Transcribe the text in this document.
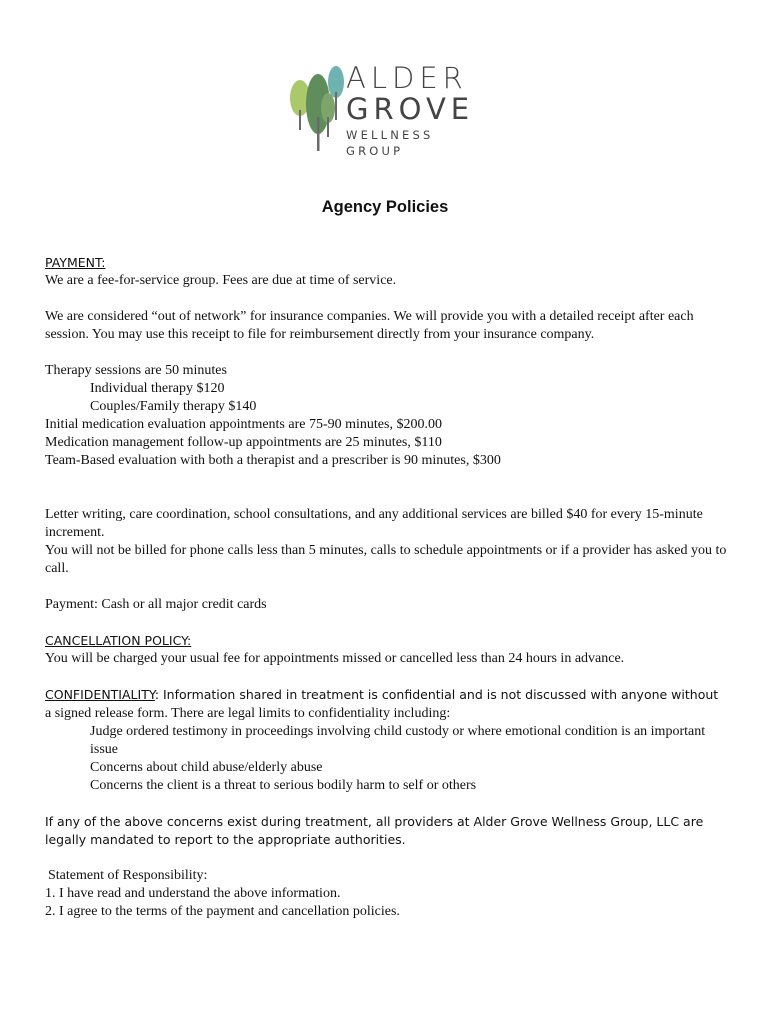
ALDER
GROVE
WELLNESS GROUP
Agency Policies

PAYMENT:

We are a fee-for-service group. Fees are due at time of service.

We are considered “out of network” for insurance companies. We will provide you with a detailed receipt after each session. You may use this receipt to file for reimbursement directly from your insurance company.

Therapy sessions are 50 minutes

Individual therapy $120

Couples/Family therapy $140

Initial medication evaluation appointments are 75-90 minutes, $200.00

Medication management follow-up appointments are 25 minutes, $110

Team-Based evaluation with both a therapist and a prescriber is 90 minutes, $300

Letter writing, care coordination, school consultations, and any additional services are billed $40 for every 15-minute increment.

You will not be billed for phone calls less than 5 minutes, calls to schedule appointments or if a provider has asked you to call.

Payment: Cash or all major credit cards

CANCELLATION POLICY:

You will be charged your usual fee for appointments missed or cancelled less than 24 hours in advance.

CONFIDENTIALITY: Information shared in treatment is confidential and is not discussed with anyone without

a signed release form. There are legal limits to confidentiality including:

Judge ordered testimony in proceedings involving child custody or where emotional condition is an important issue

Concerns about child abuse/elderly abuse

Concerns the client is a threat to serious bodily harm to self or others

If any of the above concerns exist during treatment, all providers at Alder Grove Wellness Group, LLC are

legally mandated to report to the appropriate authorities.

Statement of Responsibility:

1. I have read and understand the above information.

2. I agree to the terms of the payment and cancellation policies.
